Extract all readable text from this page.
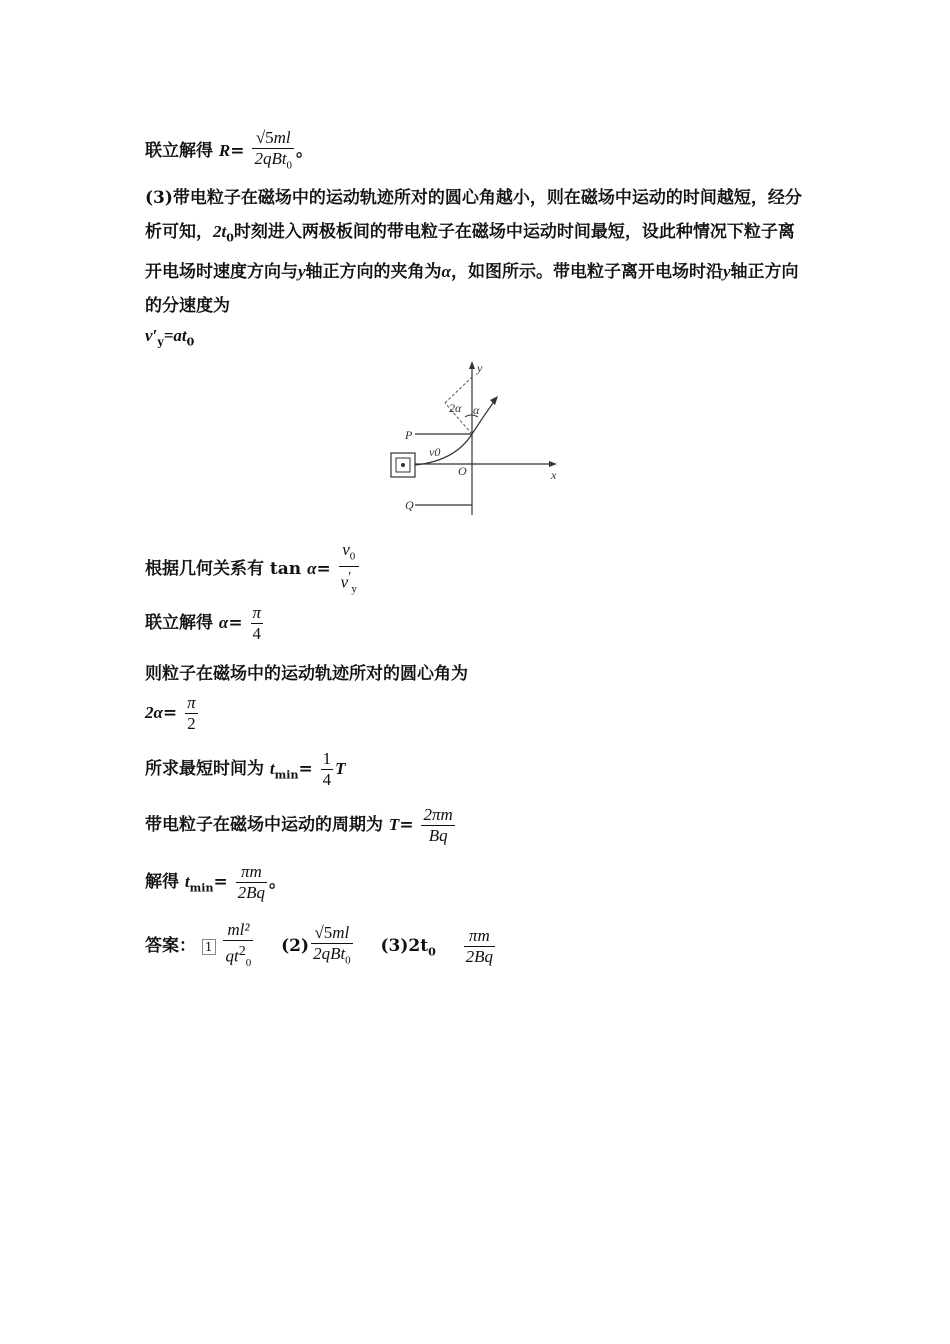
联立解得 $R= \frac{√5ml}{2qBt_0}$ 。
(3)带电粒子在磁场中的运动轨迹所对的圆心角越小，则在磁场中运动的时间越短，经分析可知，$2t_0$时刻进入两极板间的带电粒子在磁场中运动时间最短，设此种情况下粒子离开电场时速度方向与y轴正方向的夹角为α，如图所示。带电粒子离开电场时沿y轴正方向的分速度为
$v'_y=at_0$
y
x
O
P
Q
v0
2α α
根据几何关系有 $\tan \alpha= \frac{v_0}{v'_y}$
联立解得 $\alpha= \frac{\pi}{4}$
则粒子在磁场中的运动轨迹所对的圆心角为
$2\alpha= \frac{\pi}{2}$
所求最短时间为 $t_{min}= \frac{1}{4}$ T
带电粒子在磁场中运动的周期为 $T= \frac{2\pi m}{Bq}$
解得 $t_{min}= \frac{\pi m}{2Bq}$ 。
答案： $1 \frac{\text{ml²}}{qt^2_0} (2) \frac{√5ml}{2qBt_0} (3)2t_0 \frac{\pi m}{2Bq}$
